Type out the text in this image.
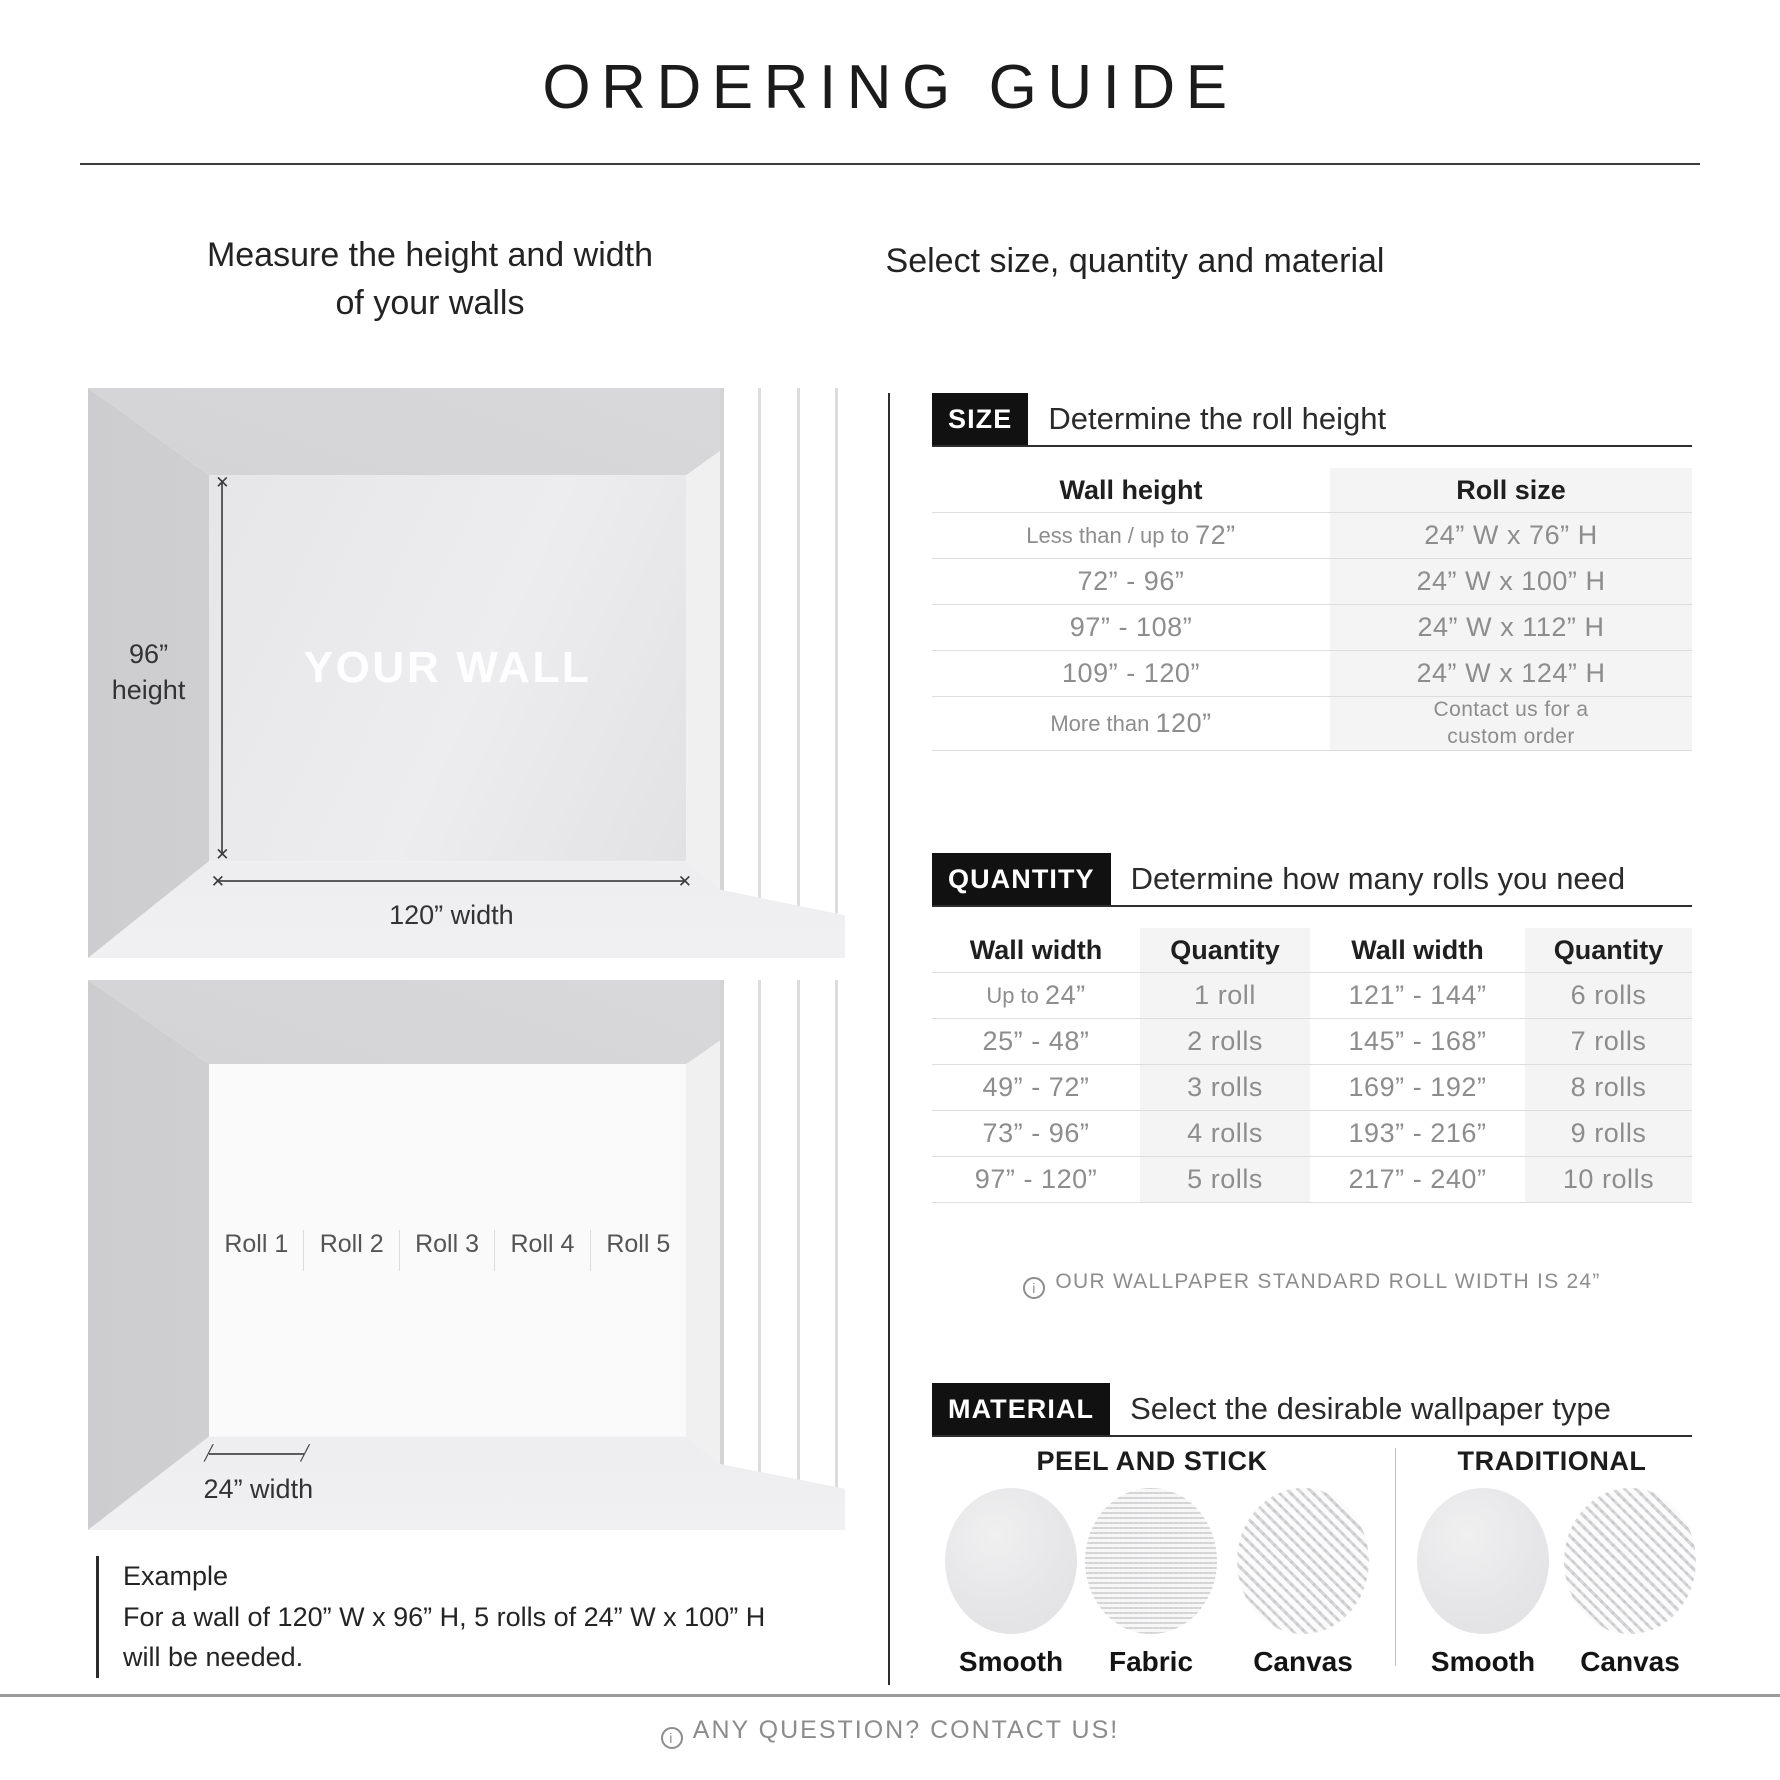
ORDERING GUIDE
Measure the height and width
of your walls
YOUR WALL
✕
✕
96”
height
✕	✕
120” width
Roll 1 Roll 2 Roll 3 Roll 4 Roll 5
╱	╱
24” width
Example
For a wall of 120” W x 96” H, 5 rolls of 24” W x 100” H
will be needed.
Select size, quantity and material
SIZE	Determine the roll height
Wall height	Roll size
Less than / up to 72”	24” W x 76” H
72” - 96”	24” W x 100” H
97” - 108”	24” W x 112” H
109” - 120”	24” W x 124” H
More than 120”	Contact us for a custom order
QUANTITY	Determine how many rolls you need
Wall width	Quantity	Wall width	Quantity
Up to 24”	1 roll	121” - 144”	6 rolls
25” - 48”	2 rolls	145” - 168”	7 rolls
49” - 72”	3 rolls	169” - 192”	8 rolls
73” - 96”	4 rolls	193” - 216”	9 rolls
97” - 120”	5 rolls	217” - 240”	10 rolls
i OUR WALLPAPER STANDARD ROLL WIDTH IS 24”
MATERIAL	Select the desirable wallpaper type
PEEL AND STICK	TRADITIONAL
Smooth	Fabric	Canvas	Smooth	Canvas
i ANY QUESTION? CONTACT US!
